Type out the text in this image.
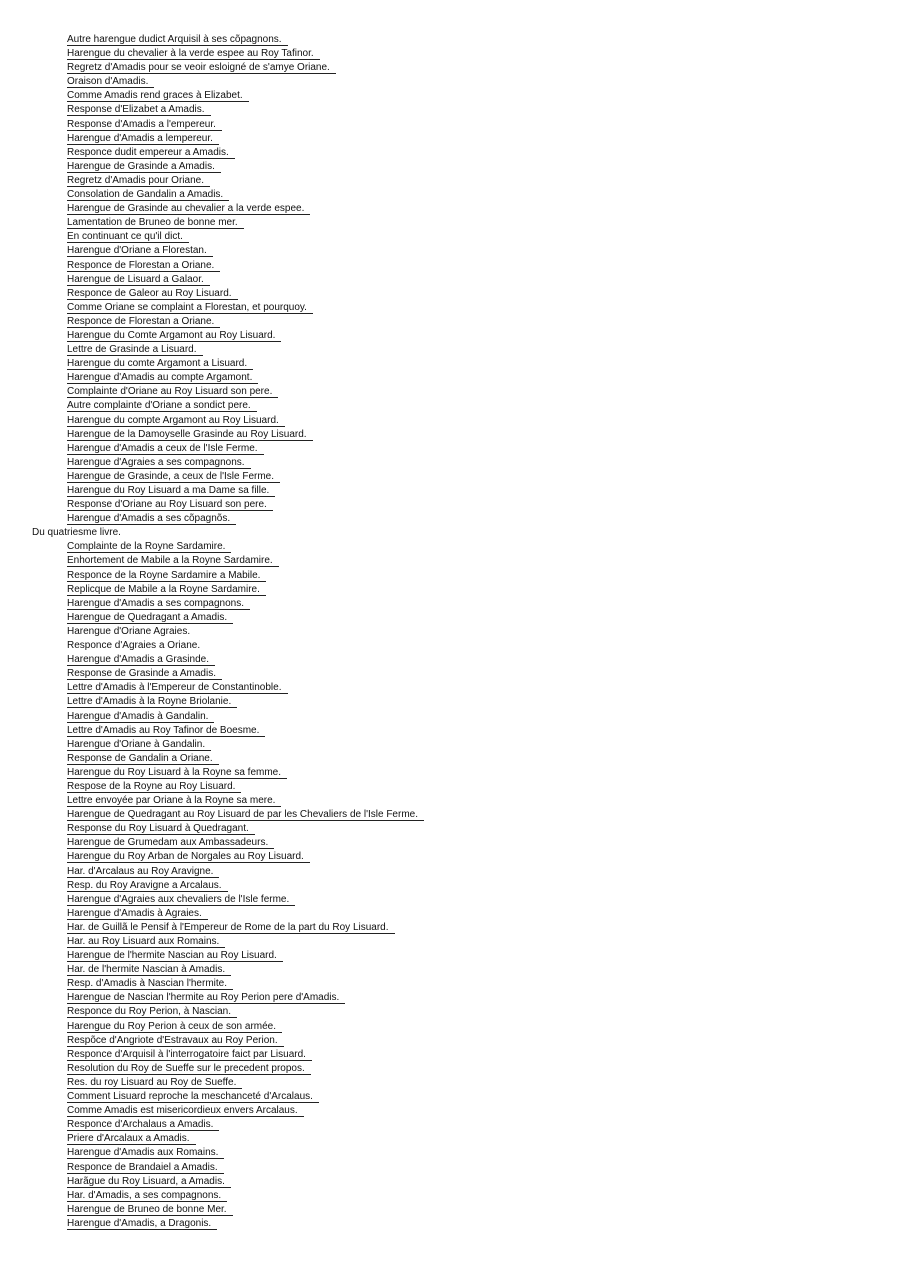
Autre harengue dudict Arquisil à ses cõpagnons.
Harengue du chevalier à la verde espee au Roy Tafinor.
Regretz d'Amadis pour se veoir esloigné de s'amye Oriane.
Oraison d'Amadis.
Comme Amadis rend graces à Elizabet.
Response d'Elizabet a Amadis.
Response d'Amadis a l'empereur.
Harengue d'Amadis a lempereur.
Responce dudit empereur a Amadis.
Harengue de Grasinde a Amadis.
Regretz d'Amadis pour Oriane.
Consolation de Gandalin a Amadis.
Harengue de Grasinde au chevalier a la verde espee.
Lamentation de Bruneo de bonne mer.
En continuant ce qu'il dict.
Harengue d'Oriane a Florestan.
Responce de Florestan a Oriane.
Harengue de Lisuard a Galaor.
Responce de Galeor au Roy Lisuard.
Comme Oriane se complaint a Florestan, et pourquoy.
Responce de Florestan a Oriane.
Harengue du Comte Argamont au Roy Lisuard.
Lettre de Grasinde a Lisuard.
Harengue du comte Argamont a Lisuard.
Harengue d'Amadis au compte Argamont.
Complainte d'Oriane au Roy Lisuard son pere.
Autre complainte d'Oriane a sondict pere.
Harengue du compte Argamont au Roy Lisuard.
Harengue de la Damoyselle Grasinde au Roy Lisuard.
Harengue d'Amadis a ceux de l'Isle Ferme.
Harengue d'Agraies a ses compagnons.
Harengue de Grasinde, a ceux de l'Isle Ferme.
Harengue du Roy Lisuard a ma Dame sa fille.
Response d'Oriane au Roy Lisuard son pere.
Harengue d'Amadis a ses cõpagnõs.
Du quatriesme livre.
Complainte de la Royne Sardamire.
Enhortement de Mabile a la Royne Sardamire.
Responce de la Royne Sardamire a Mabile.
Replicque de Mabile a la Royne Sardamire.
Harengue d'Amadis a ses compagnons.
Harengue de Quedragant a Amadis.
Harengue d'Oriane Agraies.
Responce d'Agraies a Oriane.
Harengue d'Amadis a Grasinde.
Response de Grasinde a Amadis.
Lettre d'Amadis à l'Empereur de Constantinoble.
Lettre d'Amadis à la Royne Briolanie.
Harengue d'Amadis à Gandalin.
Lettre d'Amadis au Roy Tafinor de Boesme.
Harengue d'Oriane à Gandalin.
Response de Gandalin a Oriane.
Harengue du Roy Lisuard à la Royne sa femme.
Respose de la Royne au Roy Lisuard.
Lettre envoyée par Oriane à la Royne sa mere.
Harengue de Quedragant au Roy Lisuard de par les Chevaliers de l'Isle Ferme.
Response du Roy Lisuard à Quedragant.
Harengue de Grumedam aux Ambassadeurs.
Harengue du Roy Arban de Norgales au Roy Lisuard.
Har. d'Arcalaus au Roy Aravigne.
Resp. du Roy Aravigne a Arcalaus.
Harengue d'Agraies aux chevaliers de l'Isle ferme.
Harengue d'Amadis à Agraies.
Har. de Guillã le Pensif à l'Empereur de Rome de la part du Roy Lisuard.
Har. au Roy Lisuard aux Romains.
Harengue de l'hermite Nascian au Roy Lisuard.
Har. de l'hermite Nascian à Amadis.
Resp. d'Amadis à Nascian l'hermite.
Harengue de Nascian l'hermite au Roy Perion pere d'Amadis.
Responce du Roy Perion, à Nascian.
Harengue du Roy Perion à ceux de son armée.
Respõce d'Angriote d'Estravaux au Roy Perion.
Responce d'Arquisil à l'interrogatoire faict par Lisuard.
Resolution du Roy de Sueffe sur le precedent propos.
Res. du roy Lisuard au Roy de Sueffe.
Comment Lisuard reproche la meschanceté d'Arcalaus.
Comme Amadis est misericordieux envers Arcalaus.
Responce d'Archalaus a Amadis.
Priere d'Arcalaux a Amadis.
Harengue d'Amadis aux Romains.
Responce de Brandaiel a Amadis.
Harãgue du Roy Lisuard, a Amadis.
Har. d'Amadis, a ses compagnons.
Harengue de Bruneo de bonne Mer.
Harengue d'Amadis, a Dragonis.
